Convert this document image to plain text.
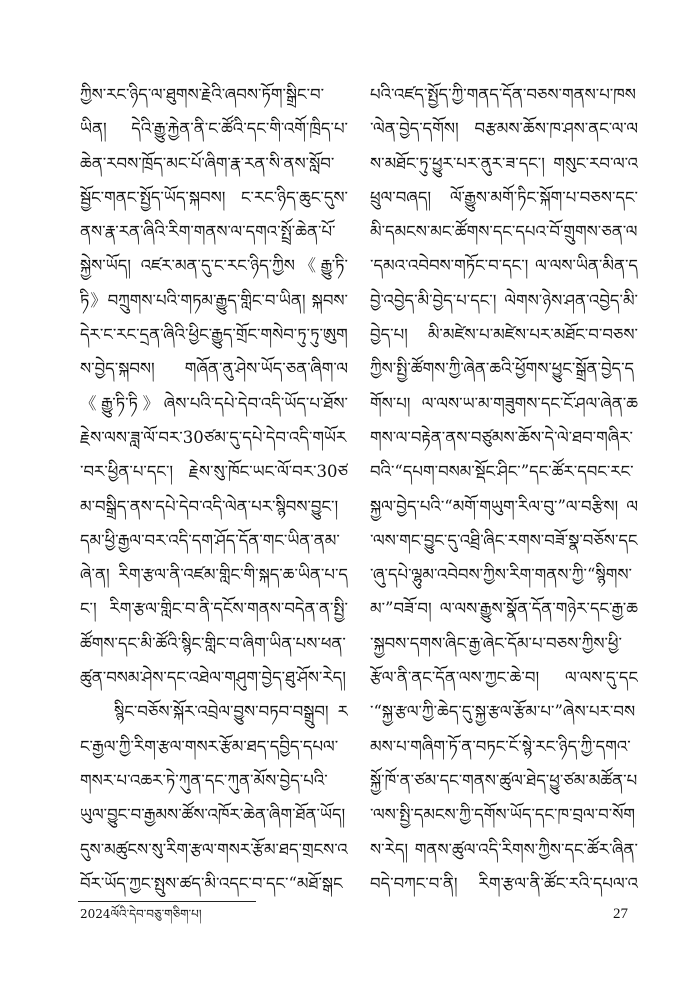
ཀྱིས་རང་ཉིད་ལ་ཐུགས་རྗེའི་ཞབས་ཏོག་སྒྲིང་བ་ཡིན། དེའི་རྒྱུ་རྐྱེན་ནི་ང་ཚོའི་དང་གི་འགོ་ཁྲིད་པ་ཆེན་རབས་ཁྲོད་མང་པོ་ཞིག་རྣ་རན་སི་ནས་སློབ་སྦྱོང་གནང་སྤྱོད་ཡོད་སྐབས། ང་རང་ཉིད་ཆུང་དུས་ནས་རྣ་རན་ཞིའི་རིག་གནས་ལ་དགའ་སྤྲོ་ཆེན་པོ་སྐྱེས་ཡོད། འཛར་མན་དུ་ང་རང་ཉིད་ཀྱིས《རྒྱུ་ཏི་ཏི》བཀྲུགས་པའི་གཏམ་རྒྱུད་གླིང་བ་ཡིན། སྐབས་དེར་ང་རང་དྲན་ཞིའི་ཕྱིང་རྒྱུད་གྲོང་གསེབ་ཏུ་ཏུ་ཨུགས་བྱེད་སྐབས། གཞོན་ནུ་ཤེས་ཡོད་ཅན་ཞིག་ལ《རྒྱུ་ཏི་ཏི》ཞེས་པའི་དཔེ་དེབ་འདི་ཡོད་པ་ཐོས་རྗེས་ལས་ཟླ་ལོ་བར་30ཙམ་དུ་དཔེ་དེབ་འདི་གཡོར་བར་ཕྱིན་པ་དང་། རྗེས་སུ་ཁོང་ཡང་ལོ་བར་30ཙམ་བསྒྲིད་ནས་དཔེ་དེབ་འདི་ལེན་པར་སྙིབས་བྱུང་། དམ་ཕྱི་རྒྱལ་བར་འདི་དག་ཤོད་དོན་གང་ཡིན་ནམ་ཞེ་ན། རིག་རྩལ་ནི་འཛམ་གླིང་གི་སྐད་ཆ་ཡིན་པ་དང་། རིག་རྩལ་གླིང་བ་ནི་དངོས་གནས་བདེན་ན་སྤྱི་ཚོགས་དང་མི་ཚོའི་སྙིང་གླིང་བ་ཞིག་ཡིན་པས་ཕན་ཚུན་བསམ་ཤེས་དང་འཐེལ་གཤུག་བྱེད་ཐུ་ཤོས་རེད།

སྙིང་བཅོས་སྐོར་འབྲེལ་བྱུས་བཏབ་བསྒྲུབ། རང་རྒྱལ་ཀྱི་རིག་རྩལ་གསར་རྩོམ་ཐད་དབྱིད་དཔལ་གསར་པ་འཆར་ཏེ་ཀུན་དང་ཀུན་མོས་བྱེད་པའི་ཡུལ་བྱུང་བ་རྒྱམས་ཚོས་འཁོར་ཆེན་ཞིག་ཐོན་ཡོད། དུས་མཚུངས་སུ་རིག་རྩལ་གསར་རྩོམ་ཐད་གྲངས་འབོར་ཡོད་ཀྱང་སྤུས་ཚད་མི་འདང་བ་དང་“མཐོ་སྒང

པའི་འཛད་སྤྱོད་ཀྱི་གནད་དོན་བཅས་གནས་པ་ཁས་ལེན་བྱེད་དགོས། བརྩམས་ཆོས་ཁ་ཤས་ནང་ལ་ལས་མཐོང་ཏུ་ཕྱུར་པར་ནུར་ཟ་དང་། གསུང་རབ་ལ་འཕྲུལ་བཞད། ལོ་རྒྱུས་མགོ་ཏིང་སྐོག་པ་བཅས་དང་མི་དམངས་མང་ཚོགས་དང་དཔའ་བོ་གྲུགས་ཅན་ལ་དམའ་འབེབས་གཏོང་བ་དང་། ལ་ལས་ཡིན་མིན་དབྱེ་འབྱེད་མི་བྱེད་པ་དང་། ལེགས་ཉེས་ཤན་འབྱེད་མི་བྱེད་པ། མི་མཛེས་པ་མཛེས་པར་མཐོང་བ་བཅས་ཀྱིས་སྤྱི་ཚོགས་ཀྱི་ཞེན་ཆའི་ཕྱོགས་ཕྱུང་སྒྲོན་བྱེད་དགོས་པ། ལ་ལས་ཡ་མ་གཟུགས་དང་ངོ་ཤལ་ཞེན་ཆགས་ལ་བརྟེན་ནས་བཙུམས་ཆོས་དེ་ལེ་ཐབ་གཞིར་བའི་“དཔག་བསམ་སྡོང་ཤིང་”དང་ཚོར་དབང་རང་སྐྱལ་བྱེད་པའི་“མགོ་གཡུག་རིལ་བུ་”ལ་བརྩིས། ལ་ལས་གང་བྱུང་དུ་འཐྲི་ཞིང་རགས་བཟོ་སྣ་བཅོས་དང་ཞུ་དཔེ་ལྷུམ་འབེབས་ཀྱིས་རིག་གནས་ཀྱི་“སྙིགས་མ་”བཟོ་བ། ལ་ལས་རྒྱུས་སྣོན་དོན་གཉེར་དང་རྒྱ་ཆ་སྐྱབས་དགས་ཞིང་རྒྱ་ཞེང་དོམ་པ་བཅས་ཀྱིས་ཕྱི་རྩོལ་ནི་ནང་དོན་ལས་ཀྱང་ཆེ་བ། ལ་ལས་དུ་དང་“སྐྱ་རྩལ་ཀྱི་ཆེད་དུ་སྐྱ་རྩལ་རྩོམ་པ་”ཞེས་པར་བསམས་པ་གཞིག་ཏོ་ན་བཏང་ངོ་སྙེ་རང་ཉིད་ཀྱི་དགའ་སྐྱོ་ཁོ་ན་ཙམ་དང་གནས་ཚུལ་ཐེད་ཕྱུ་ཙམ་མཚོན་པ་ལས་སྤྱི་དམངས་ཀྱི་དགོས་ཡོད་དང་ཁ་བྲལ་བ་སོགས་རེད། གནས་ཚུལ་འདི་རིགས་ཀྱིས་དང་ཚོར་ཞིན་བདེ་བཀང་བ་ནི། རིག་རྩལ་ནི་ཚོང་རའི་དཔལ་འ

2024ལོའི་དེབ་བཅུ་གཅིག་པ།	27
